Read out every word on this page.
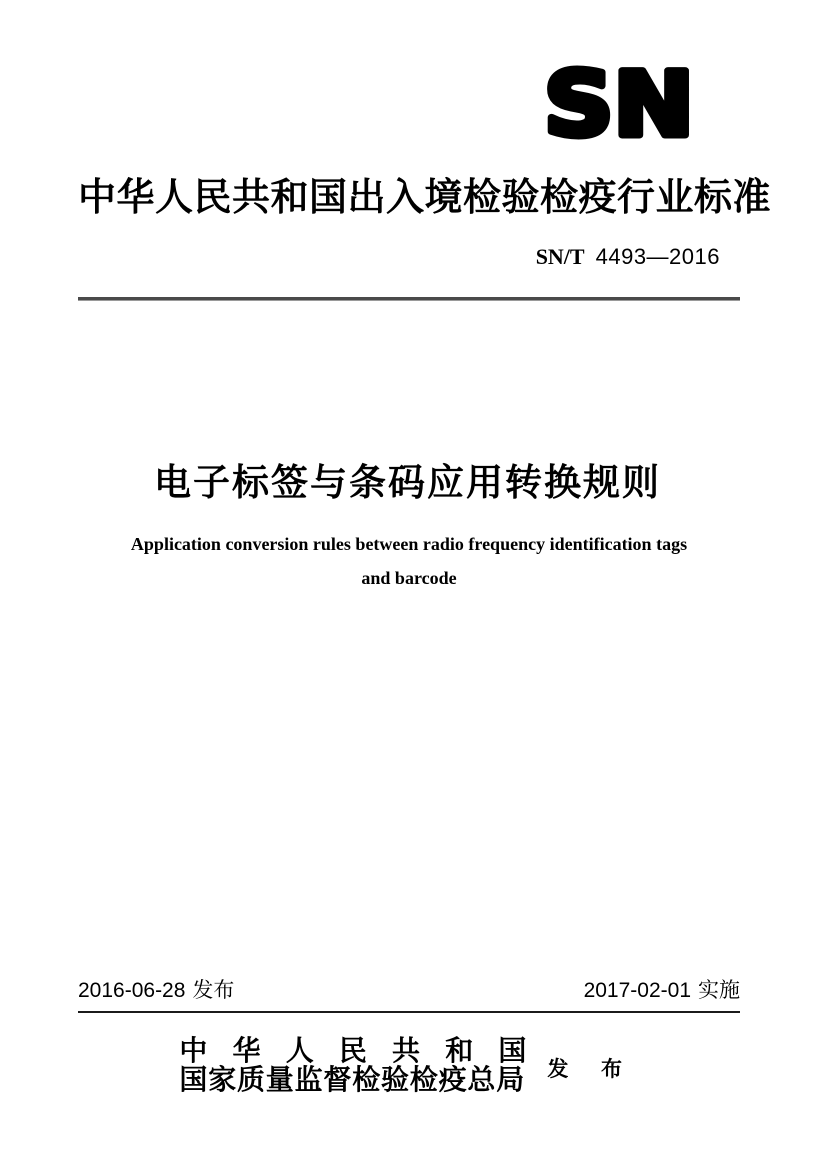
SN
中华人民共和国出入境检验检疫行业标准
SN/T 4493—2016
电子标签与条码应用转换规则
Application conversion rules between radio frequency identification tags
and barcode
2016-06-28 发布	2017-02-01 实施
中 华 人 民 共 和 国
国家质量监督检验检疫总局 发 布
